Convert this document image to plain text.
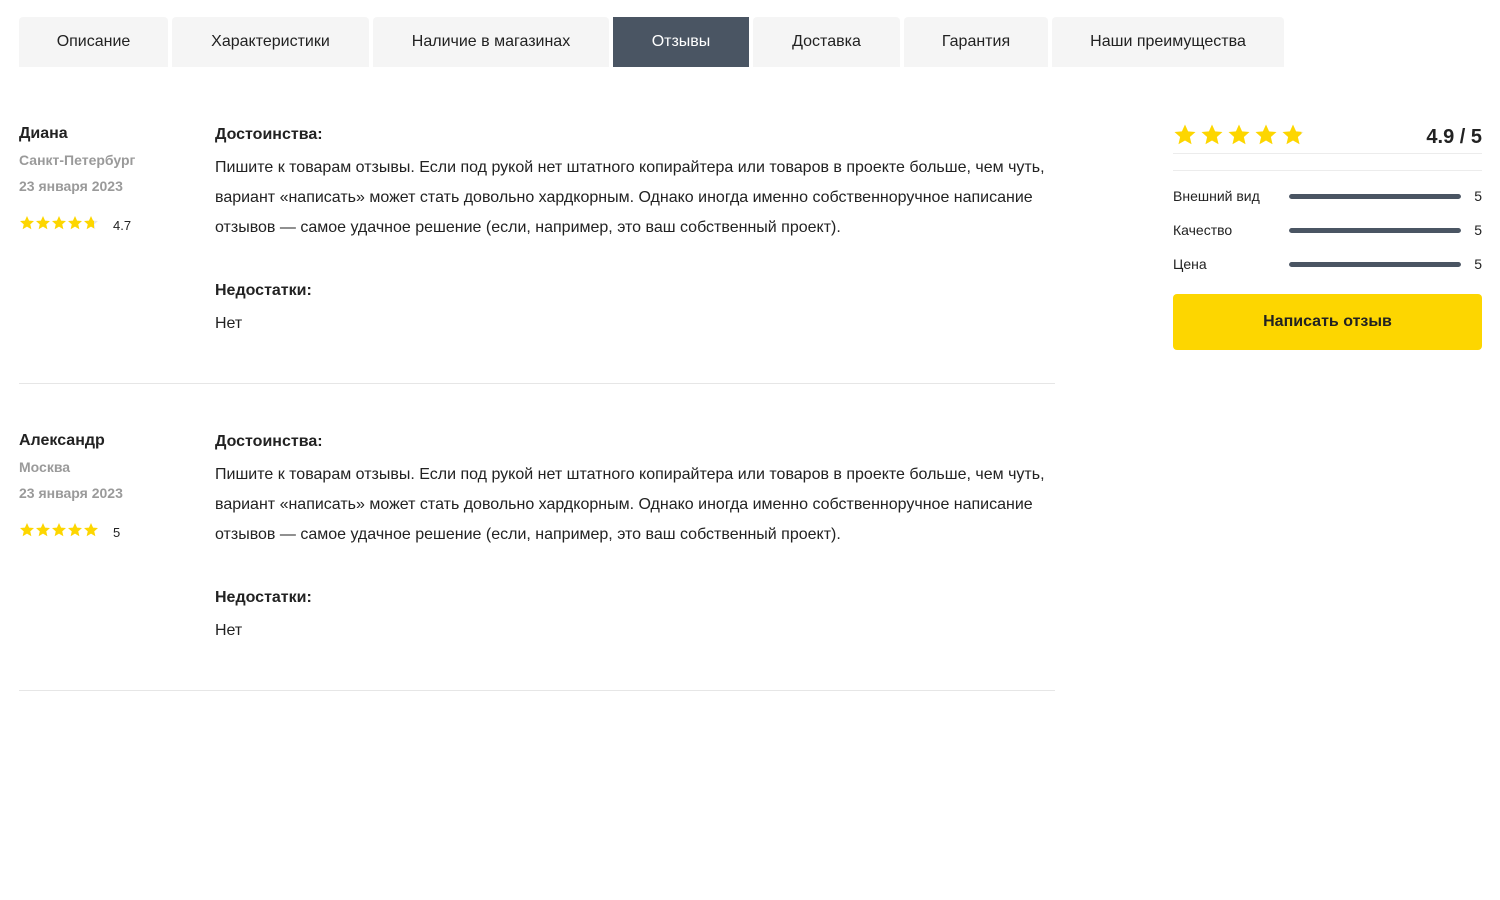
Описание	Характеристики	Наличие в магазинах	Отзывы	Доставка	Гарантия	Наши преимущества
Диана
Санкт-Петербург
23 января 2023
4.7
Достоинства:
Пишите к товарам отзывы. Если под рукой нет штатного копирайтера или товаров в проекте больше, чем чуть, вариант «написать» может стать довольно хардкорным. Однако иногда именно собственноручное написание отзывов — самое удачное решение (если, например, это ваш собственный проект).
Недостатки:
Нет
Александр
Москва
23 января 2023
5
Достоинства:
Пишите к товарам отзывы. Если под рукой нет штатного копирайтера или товаров в проекте больше, чем чуть, вариант «написать» может стать довольно хардкорным. Однако иногда именно собственноручное написание отзывов — самое удачное решение (если, например, это ваш собственный проект).
Недостатки:
Нет
4.9 / 5
Внешний вид	5
Качество	5
Цена	5
Написать отзыв
